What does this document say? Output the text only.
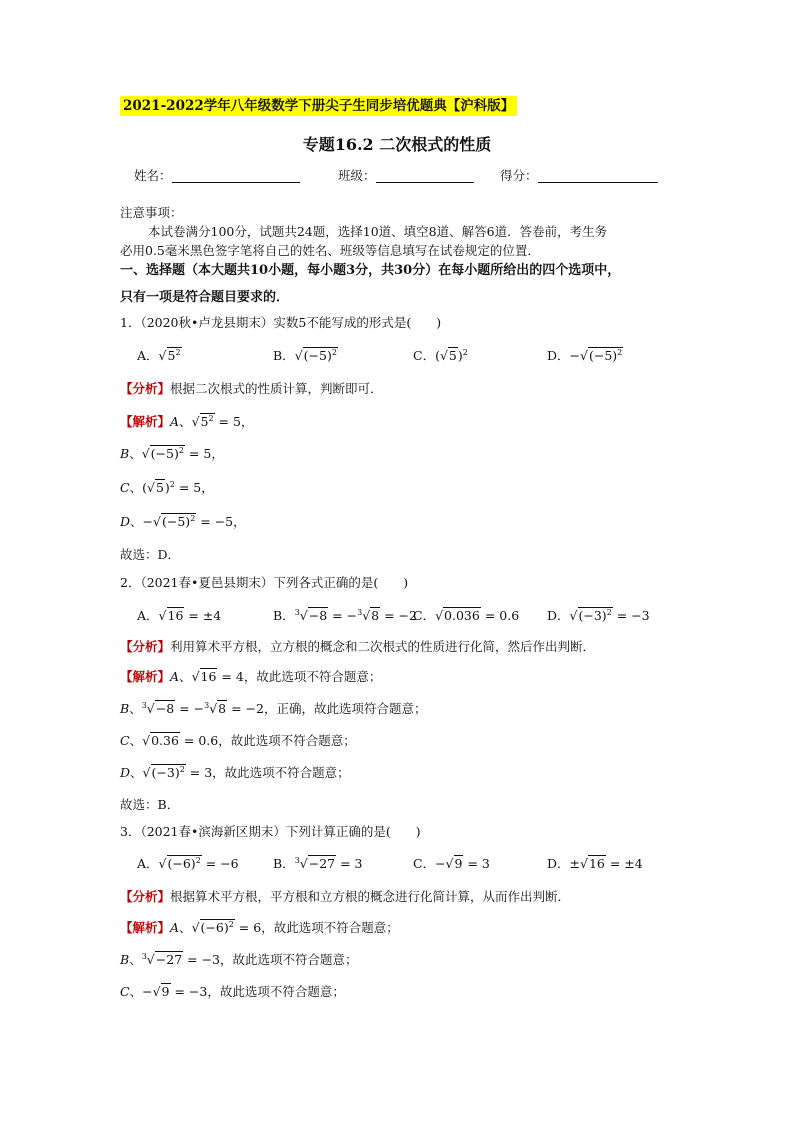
2021-2022学年八年级数学下册尖子生同步培优题典【沪科版】
专题16.2 二次根式的性质
姓名：	班级：	得分：
注意事项：
本试卷满分100分，试题共24题，选择10道、填空8道、解答6道．答卷前，考生务
必用0.5毫米黑色签字笔将自己的姓名、班级等信息填写在试卷规定的位置．
一、选择题（本大题共10小题，每小题3分，共30分）在每小题所给出的四个选项中，
只有一项是符合题目要求的．
1．（2020秋•卢龙县期末）实数5不能写成的形式是(　　)
A．$√5^2$	B．$√(-5)^2$	C．$(√5)^2$	D．$-√(-5)^2$
【分析】根据二次根式的性质计算，判断即可．
【解析】A、$√5^2 = 5$，
B、$√(-5)^2 = 5$，
C、$(√5)^2 = 5$，
D、$-√(-5)^2 = -5$，
故选：D．
2．（2021春•夏邑县期末）下列各式正确的是(　　)
A．√16 = ±4	B．$^3$√−8 = −$^3$√8 = −2
C．√0.036 = 0.6 D．$√(-3)^2 = -3$
【分析】利用算术平方根，立方根的概念和二次根式的性质进行化简，然后作出判断．
【解析】A、√16 = 4，故此选项不符合题意；
B、$^3$√−8 = −$^3$√8 = −2，正确，故此选项符合题意；
C、√0.36 = 0.6，故此选项不符合题意；
D、$√(-3)^2 = 3$，故此选项不符合题意；
故选：B．
3．（2021春•滨海新区期末）下列计算正确的是(　　)
A．$√(-6)^2 = -6$	B．$^3$√−27 = 3	C．−√9 = 3	D．±√16 = ±4
【分析】根据算术平方根，平方根和立方根的概念进行化简计算，从而作出判断．
【解析】A、$√(-6)^2 = 6$，故此选项不符合题意；
B、$^3$√−27 = −3，故此选项不符合题意；
C、−√9 = −3，故此选项不符合题意；
